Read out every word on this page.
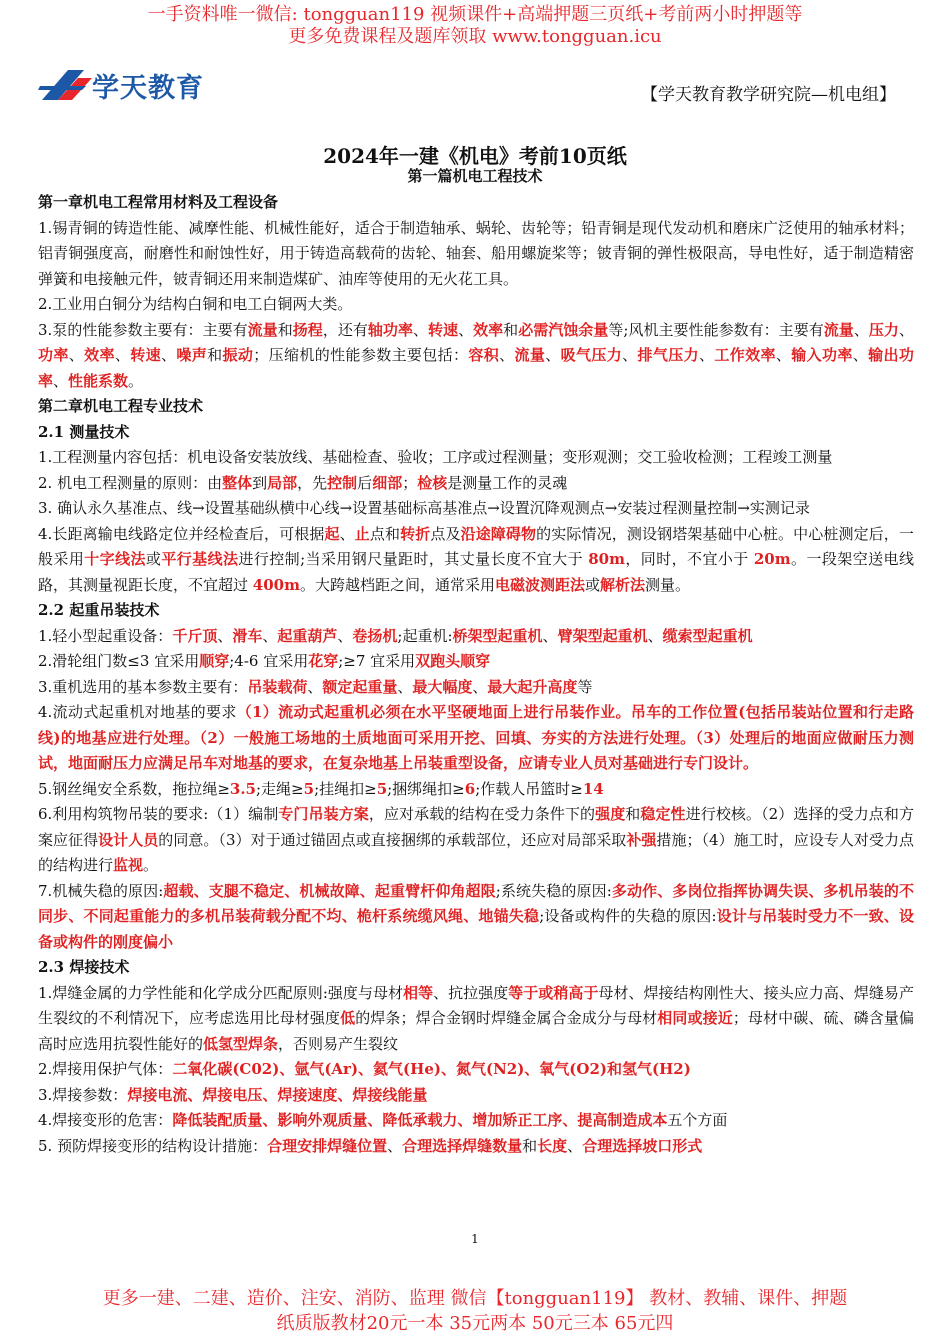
一手资料唯一微信: tongguan119 视频课件+高端押题三页纸+考前两小时押题等
更多免费课程及题库领取 www.tongguan.icu
学天教育	【学天教育教学研究院—机电组】
2024年一建《机电》考前10页纸
第一篇机电工程技术

第一章机电工程常用材料及工程设备

1.锡青铜的铸造性能、减摩性能、机械性能好，适合于制造轴承、蜗轮、齿轮等；铅青铜是现代发动机和磨床广泛使用的轴承材料；铝青铜强度高，耐磨性和耐蚀性好，用于铸造高载荷的齿轮、轴套、船用螺旋桨等；铍青铜的弹性极限高，导电性好，适于制造精密弹簧和电接触元件，铍青铜还用来制造煤矿、油库等使用的无火花工具。

2.工业用白铜分为结构白铜和电工白铜两大类。

3.泵的性能参数主要有：主要有流量和扬程，还有轴功率、转速、效率和必需汽蚀余量等;风机主要性能参数有：主要有流量、压力、功率、效率、转速、噪声和振动；压缩机的性能参数主要包括：容积、流量、吸气压力、排气压力、工作效率、输入功率、输出功率、性能系数。

第二章机电工程专业技术

2.1 测量技术

1.工程测量内容包括：机电设备安装放线、基础检查、验收；工序或过程测量；变形观测；交工验收检测；工程竣工测量

2. 机电工程测量的原则：由整体到局部，先控制后细部；检核是测量工作的灵魂

3. 确认永久基准点、线→设置基础纵横中心线→设置基础标高基准点→设置沉降观测点→安装过程测量控制→实测记录

4.长距离输电线路定位并经检查后，可根据起、止点和转折点及沿途障碍物的实际情况，测设钢塔架基础中心桩。中心桩测定后，一般采用十字线法或平行基线法进行控制;当采用钢尺量距时，其丈量长度不宜大于 80m，同时，不宜小于 20m。一段架空送电线路，其测量视距长度，不宜超过 400m。大跨越档距之间，通常采用电磁波测距法或解析法测量。

2.2 起重吊装技术

1.轻小型起重设备：千斤顶、滑车、起重葫芦、卷扬机;起重机:桥架型起重机、臂架型起重机、缆索型起重机

2.滑轮组门数≤3 宜采用顺穿;4-6 宜采用花穿;≥7 宜采用双跑头顺穿

3.重机选用的基本参数主要有：吊装载荷、额定起重量、最大幅度、最大起升高度等

4.流动式起重机对地基的要求（1）流动式起重机必须在水平坚硬地面上进行吊装作业。吊车的工作位置(包括吊装站位置和行走路线)的地基应进行处理。（2）一般施工场地的土质地面可采用开挖、回填、夯实的方法进行处理。（3）处理后的地面应做耐压力测试，地面耐压力应满足吊车对地基的要求，在复杂地基上吊装重型设备，应请专业人员对基础进行专门设计。

5.钢丝绳安全系数，拖拉绳≥3.5;走绳≥5;挂绳扣≥5;捆绑绳扣≥6;作载人吊篮时≥14

6.利用构筑物吊装的要求:（1）编制专门吊装方案，应对承载的结构在受力条件下的强度和稳定性进行校核。（2）选择的受力点和方案应征得设计人员的同意。（3）对于通过锚固点或直接捆绑的承载部位，还应对局部采取补强措施；（4）施工时，应设专人对受力点的结构进行监视。

7.机械失稳的原因:超载、支腿不稳定、机械故障、起重臂杆仰角超限;系统失稳的原因:多动作、多岗位指挥协调失误、多机吊装的不同步、不同起重能力的多机吊装荷载分配不均、桅杆系统缆风绳、地锚失稳;设备或构件的失稳的原因:设计与吊装时受力不一致、设备或构件的刚度偏小

2.3 焊接技术

1.焊缝金属的力学性能和化学成分匹配原则:强度与母材相等、抗拉强度等于或稍高于母材、焊接结构刚性大、接头应力高、焊缝易产生裂纹的不利情况下，应考虑选用比母材强度低的焊条；焊合金钢时焊缝金属合金成分与母材相同或接近；母材中碳、硫、磷含量偏高时应选用抗裂性能好的低氢型焊条，否则易产生裂纹

2.焊接用保护气体：二氧化碳(C02)、氩气(Ar)、氦气(He)、氮气(N2)、氧气(O2)和氢气(H2)

3.焊接参数：焊接电流、焊接电压、焊接速度、焊接线能量

4.焊接变形的危害：降低装配质量、影响外观质量、降低承载力、增加矫正工序、提高制造成本五个方面

5. 预防焊接变形的结构设计措施：合理安排焊缝位置、合理选择焊缝数量和长度、合理选择坡口形式

1
更多一建、二建、造价、注安、消防、监理 微信【tongguan119】 教材、教辅、课件、押题
纸质版教材20元一本 35元两本 50元三本 65元四
